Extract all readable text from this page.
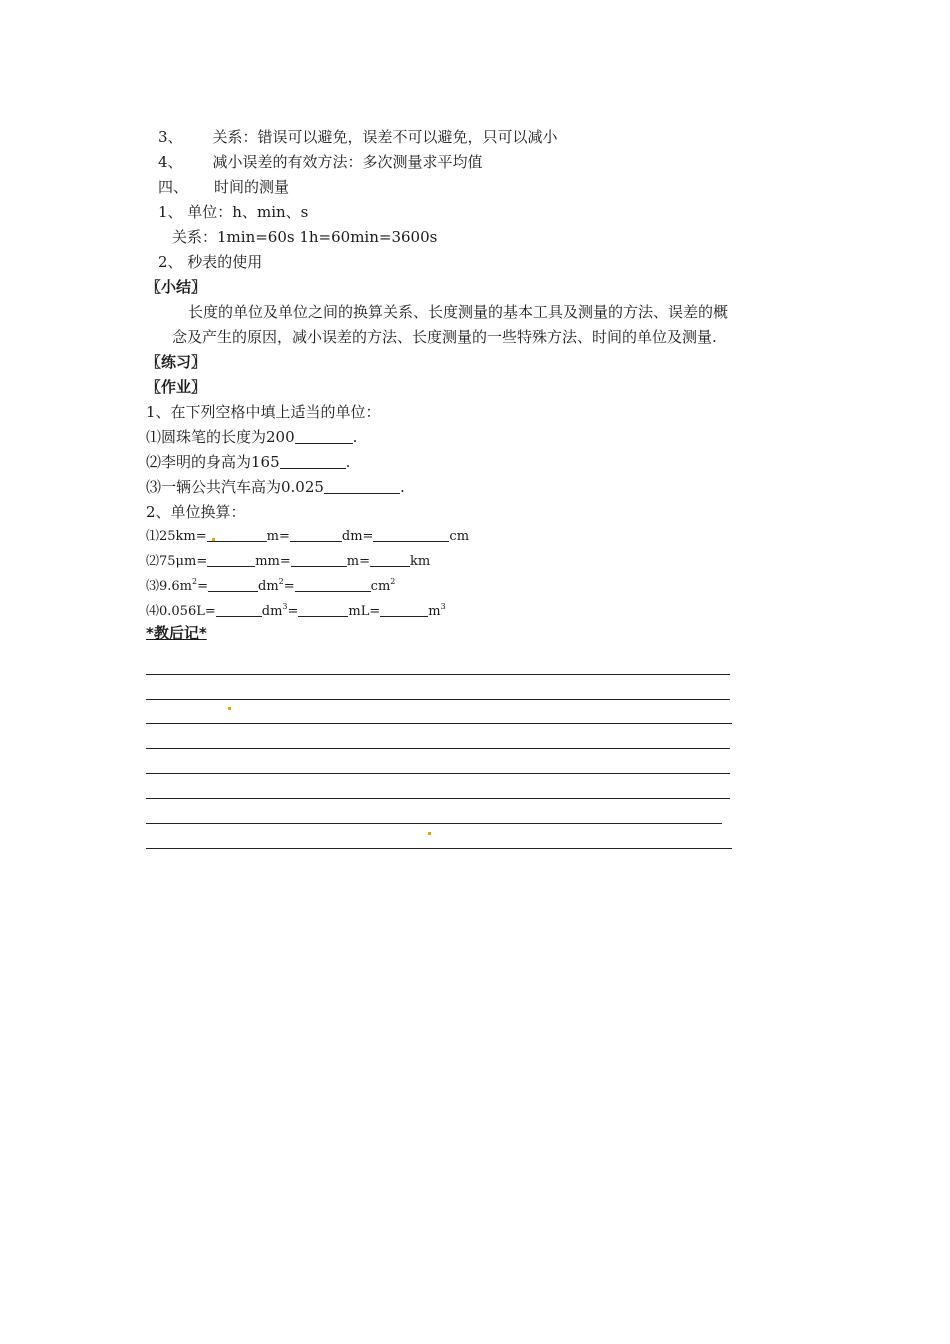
3、 关系：错误可以避免，误差不可以避免，只可以减小
4、 减小误差的有效方法：多次测量求平均值
四、 时间的测量
1、 单位：h、min、s
关系：1min=60s 1h=60min=3600s
2、 秒表的使用
〖小结〗
长度的单位及单位之间的换算关系、长度测量的基本工具及测量的方法、误差的概
念及产生的原因，减小误差的方法、长度测量的一些特殊方法、时间的单位及测量.
〖练习〗
〖作业〗
1、在下列空格中填上适当的单位：
⑴圆珠笔的长度为200	.
⑵李明的身高为165	.
⑶一辆公共汽车高为0.025	.
2、单位换算：
⑴25km=	m=	dm=	cm
⑵75μm=	mm=	m=	km
$⑶9.6m^2=$	$dm^2=$	$cm^2$
⑷0.056L=	$dm^3=$	mL=	$m^3$
*教后记*
